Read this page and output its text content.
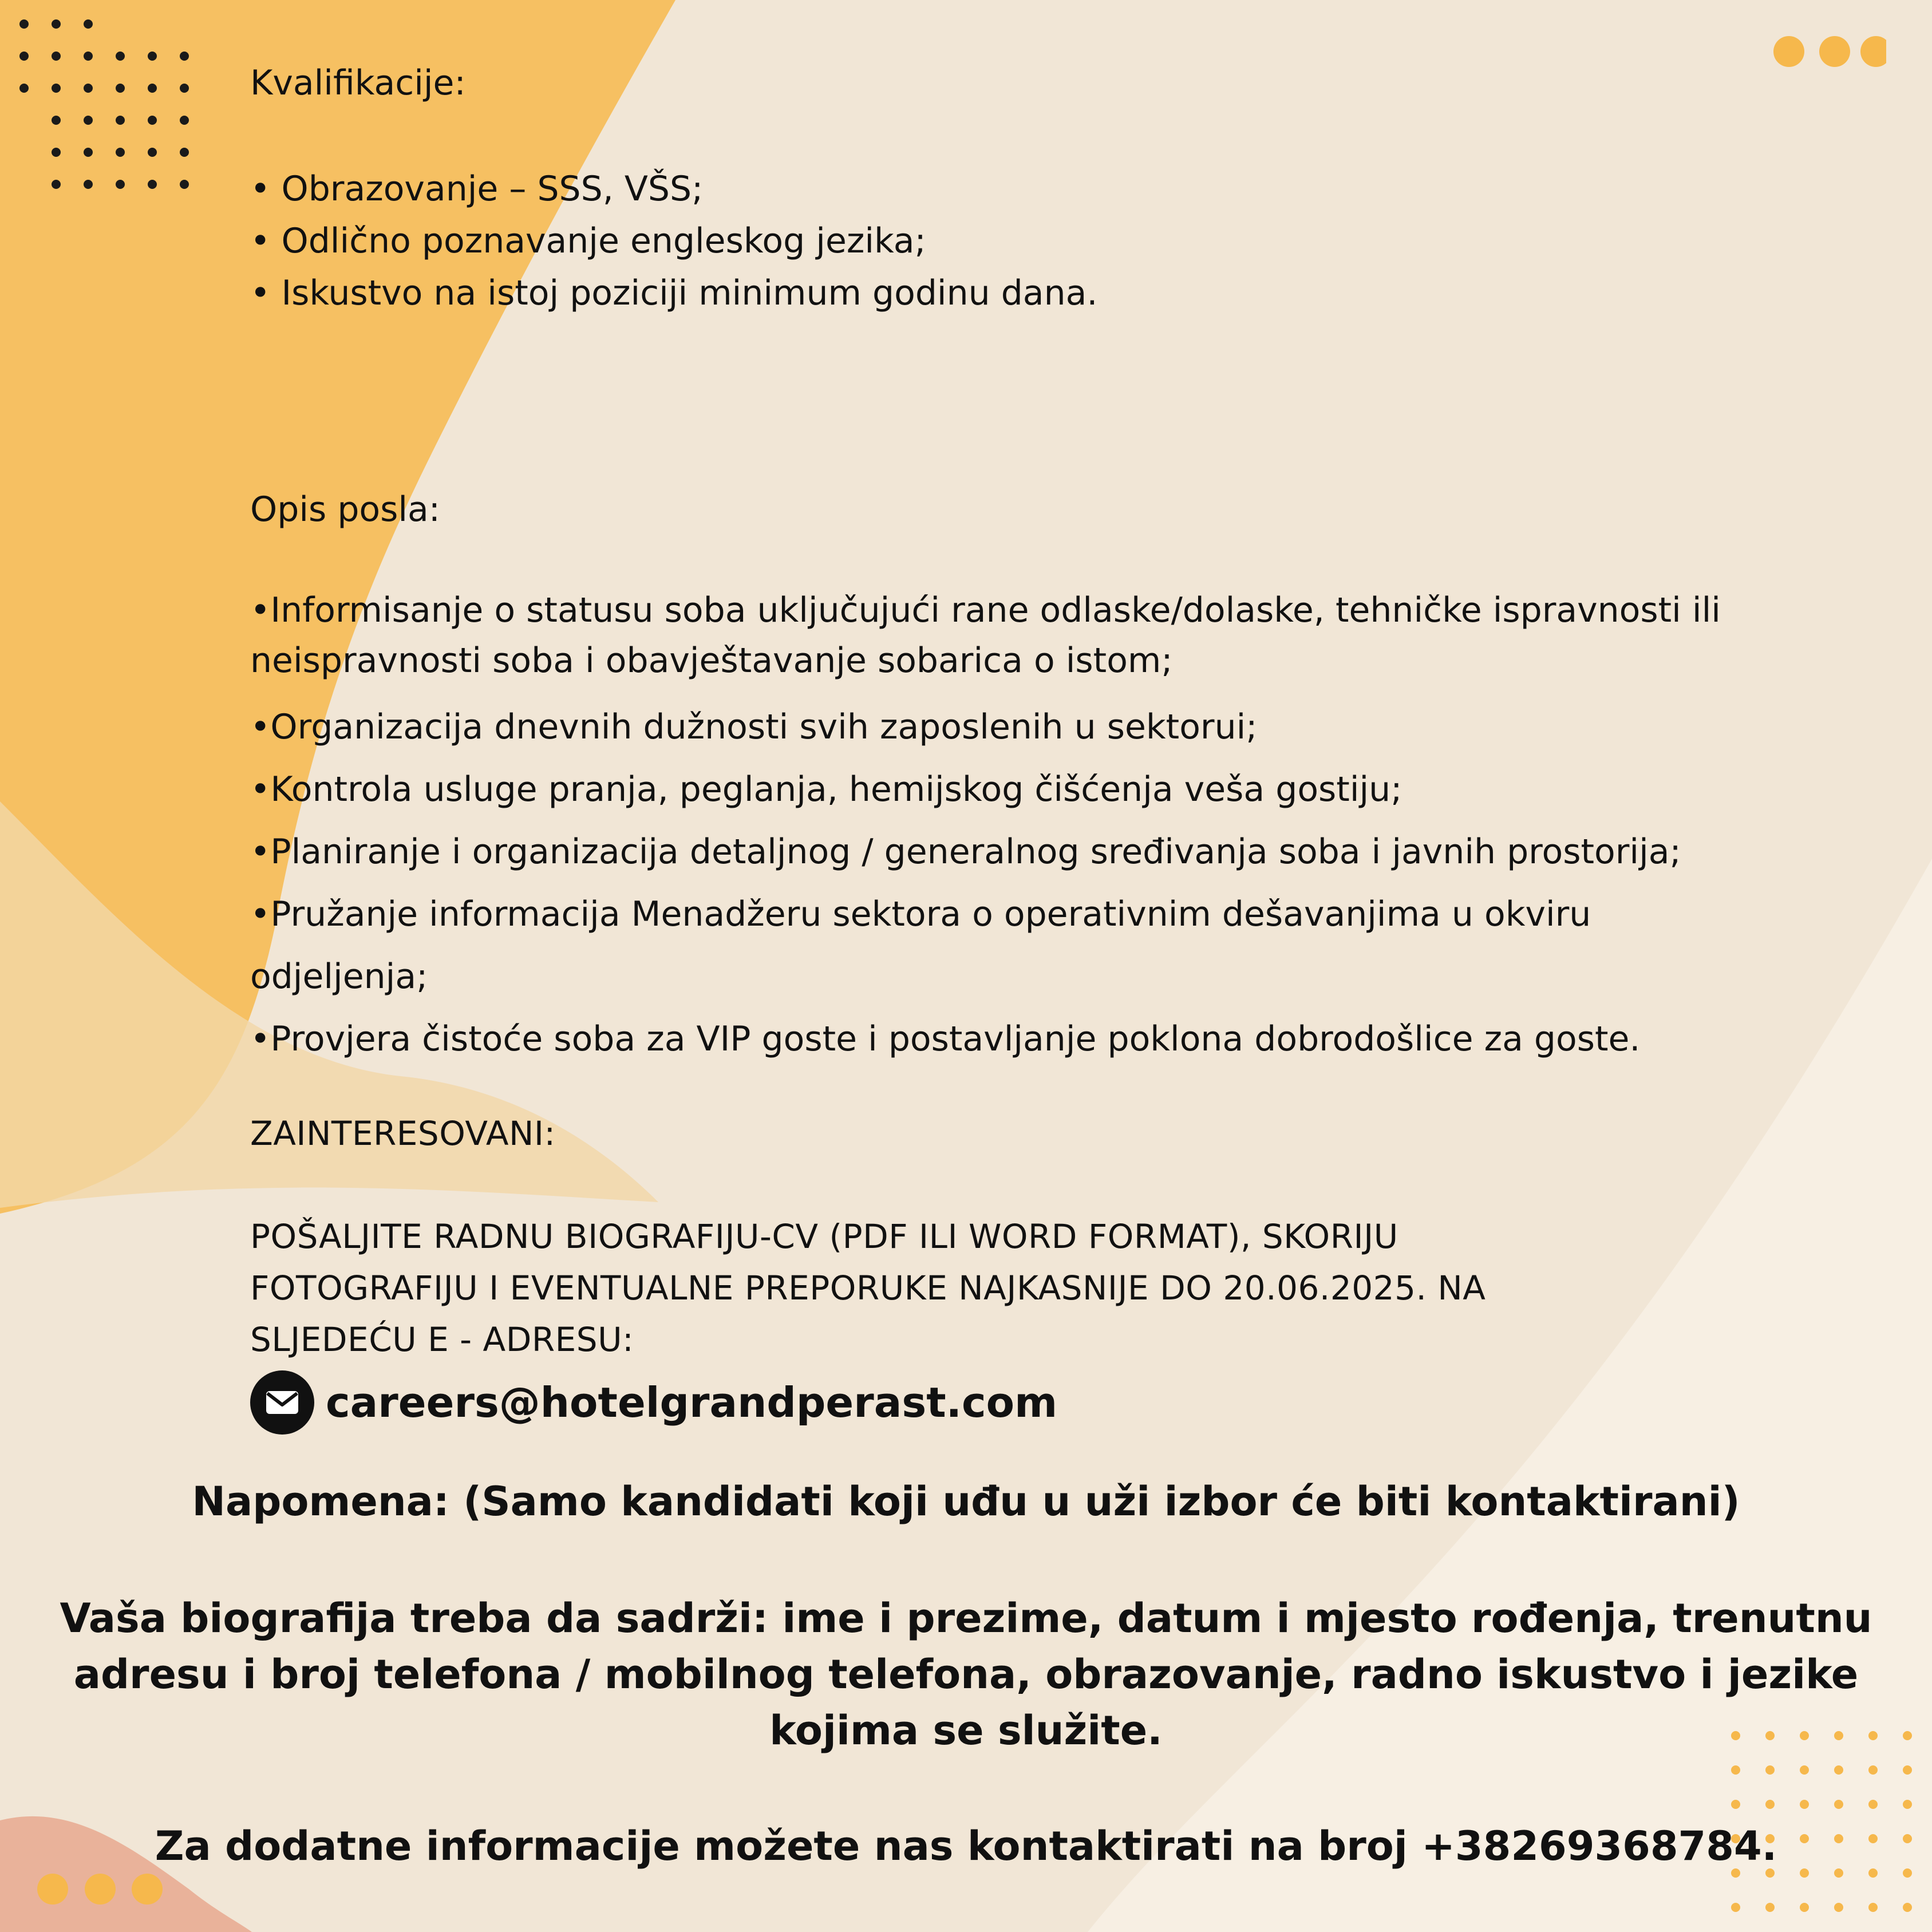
Kvalifikacije:

• Obrazovanje – SSS, VŠS;

• Odlično poznavanje engleskog jezika;

• Iskustvo na istoj poziciji minimum godinu dana.

Opis posla:

•Informisanje o statusu soba uključujući rane odlaske/dolaske, tehničke ispravnosti ili neispravnosti soba i obavještavanje sobarica o istom;

•Organizacija dnevnih dužnosti svih zaposlenih u sektorui;

•Kontrola usluge pranja, peglanja, hemijskog čišćenja veša gostiju;

•Planiranje i organizacija detaljnog / generalnog sređivanja soba i javnih prostorija;

•Pružanje informacija Menadžeru sektora o operativnim dešavanjima u okviru odjeljenja;

•Provjera čistoće soba za VIP goste i postavljanje poklona dobrodošlice za goste.

ZAINTERESOVANI:
POŠALJITE RADNU BIOGRAFIJU-CV (PDF ILI WORD FORMAT), SKORIJU FOTOGRAFIJU I EVENTUALNE PREPORUKE NAJKASNIJE DO 20.06.2025. NA SLJEDEĆU E - ADRESU:
careers@hotelgrandperast.com
Napomena: (Samo kandidati koji uđu u uži izbor će biti kontaktirani)
Vaša biografija treba da sadrži: ime i prezime, datum i mjesto rođenja, trenutnu adresu i broj telefona / mobilnog telefona, obrazovanje, radno iskustvo i jezike kojima se služite.
Za dodatne informacije možete nas kontaktirati na broj +38269368784.
